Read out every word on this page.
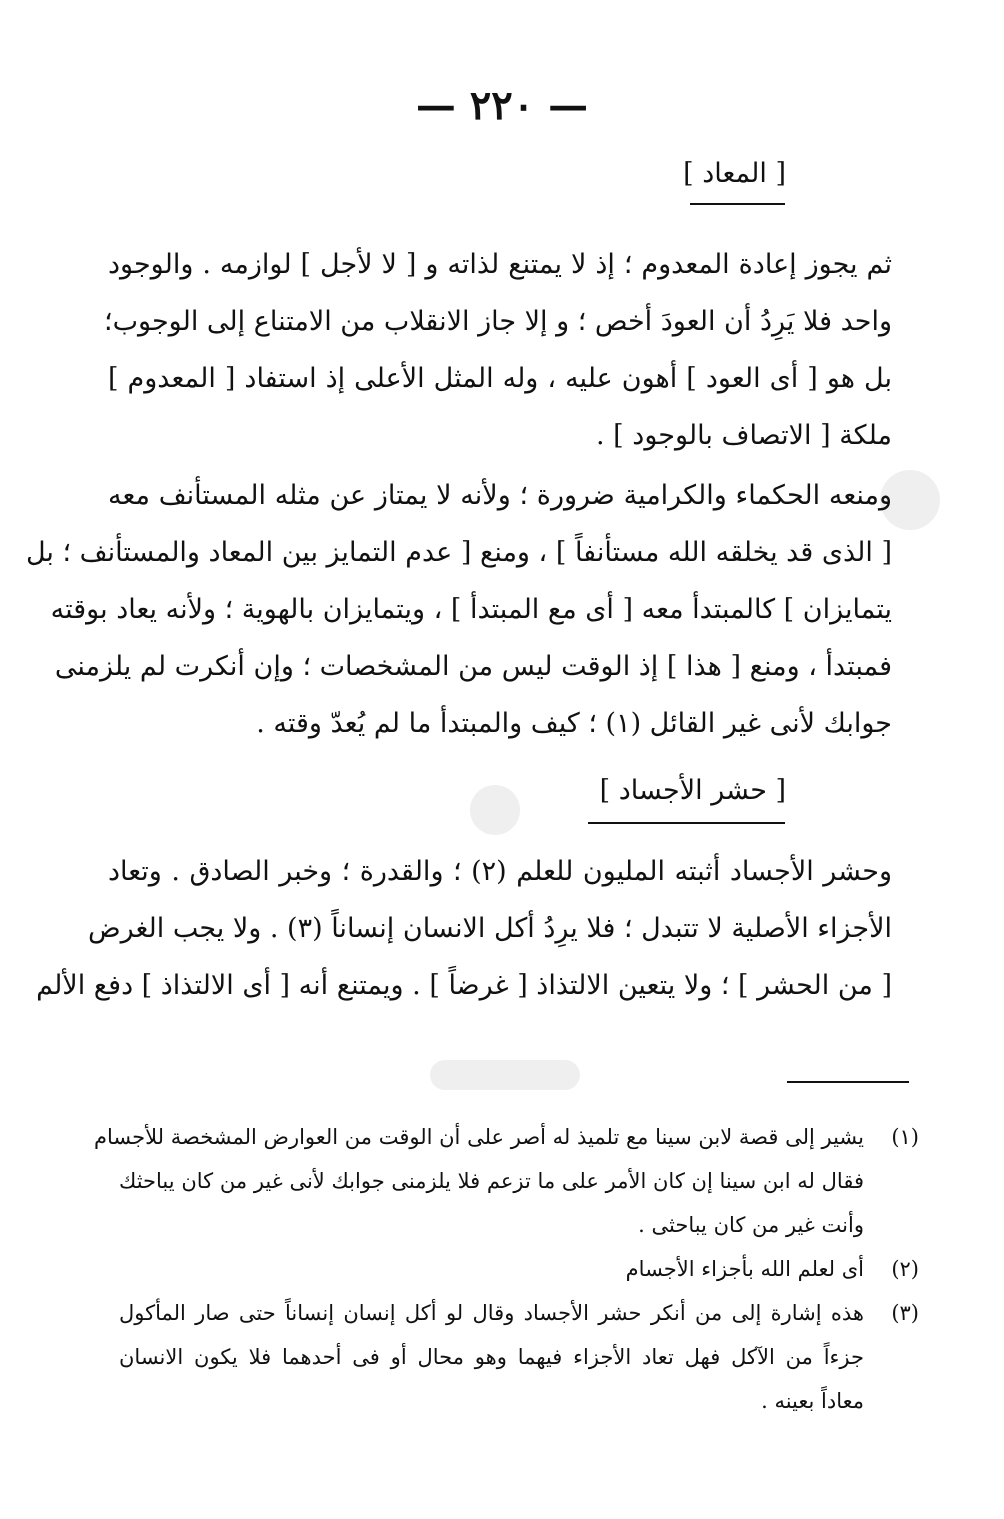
— ٢٢٠ —
[ المعاد ]
ثم يجوز إعادة المعدوم ؛ إذ لا يمتنع لذاته و [ لا لأجل ] لوازمه . والوجود
واحد فلا يَرِدُ أن العودَ أخص ؛ و إلا جاز الانقلاب من الامتناع إلى الوجوب؛
بل هو [ أى العود ] أهون عليه ، وله المثل الأعلى إذ استفاد [ المعدوم ]
ملكة [ الاتصاف بالوجود ] .
ومنعه الحكماء والكرامية ضرورة ؛ ولأنه لا يمتاز عن مثله المستأنف معه
[ الذى قد يخلقه الله مستأنفاً ] ، ومنع [ عدم التمايز بين المعاد والمستأنف ؛ بل
يتمايزان ] كالمبتدأ معه [ أى مع المبتدأ ] ، ويتمايزان بالهوية ؛ ولأنه يعاد بوقته
فمبتدأ ، ومنع [ هذا ] إذ الوقت ليس من المشخصات ؛ وإن أنكرت لم يلزمنى
جوابك لأنى غير القائل (١) ؛ كيف والمبتدأ ما لم يُعدّ وقته .
[ حشر الأجساد ]
وحشر الأجساد أثبته المليون للعلم (٢) ؛ والقدرة ؛ وخبر الصادق . وتعاد
الأجزاء الأصلية لا تتبدل ؛ فلا يرِدُ أكل الانسان إنساناً (٣) . ولا يجب الغرض
[ من الحشر ] ؛ ولا يتعين الالتذاذ [ غرضاً ] . ويمتنع أنه [ أى الالتذاذ ] دفع الألم
(١)
يشير إلى قصة لابن سينا مع تلميذ له أصر على أن الوقت من العوارض المشخصة للأجسام
فقال له ابن سينا إن كان الأمر على ما تزعم فلا يلزمنى جوابك لأنى غير من كان يباحثك
وأنت غير من كان يباحثى .
(٢)
أى لعلم الله بأجزاء الأجسام
(٣)
هذه إشارة إلى من أنكر حشر الأجساد وقال لو أكل إنسان إنساناً حتى صار المأكول
جزءاً من الآكل فهل تعاد الأجزاء فيهما وهو محال أو فى أحدهما فلا يكون الانسان
معاداً بعينه .
